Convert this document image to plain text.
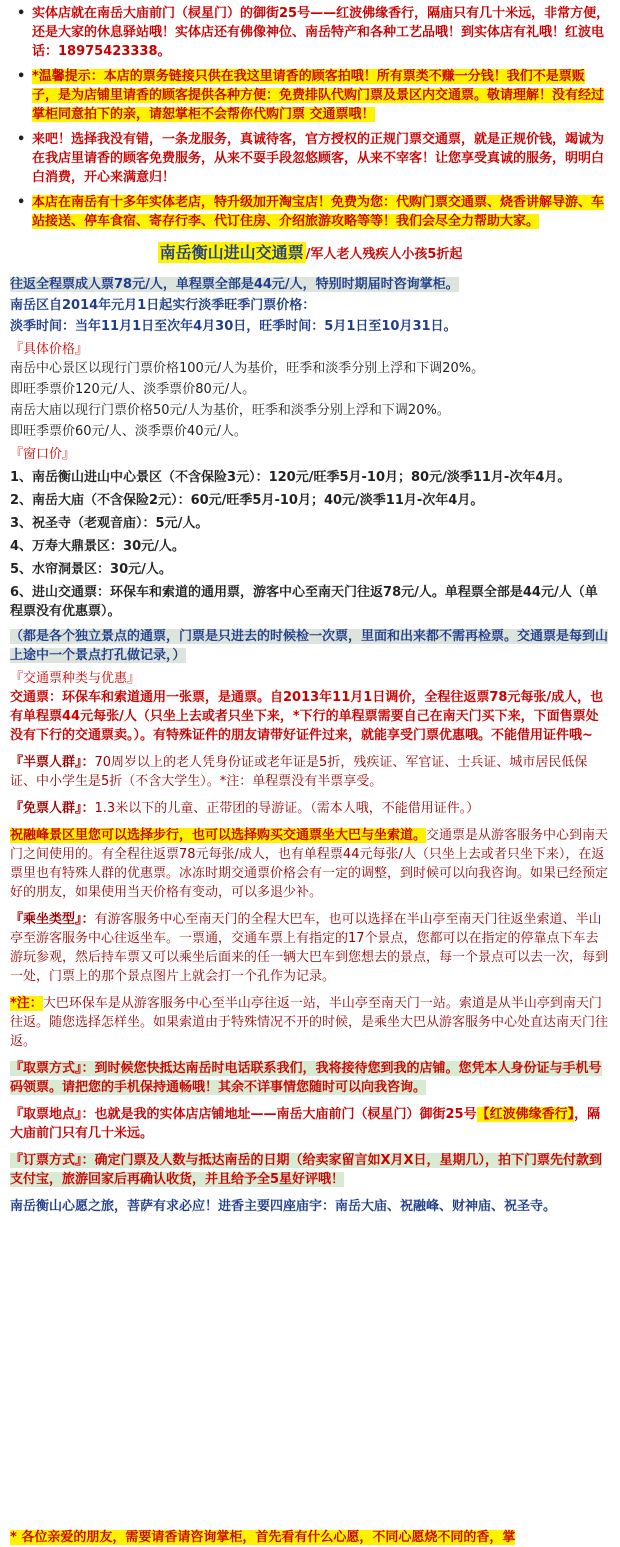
• 实体店就在南岳大庙前门（棂星门）的御街25号——红波佛缘香行，隔庙只有几十米远，非常方便，还是大家的休息驿站哦！实体店还有佛像神位、南岳特产和各种工艺品哦！到实体店有礼哦！红波电话：18975423338。
• *温馨提示：本店的票务链接只供在我这里请香的顾客拍哦！所有票类不赚一分钱！我们不是票贩子，是为店铺里请香的顾客提供各种方便：免费排队代购门票及景区内交通票。敬请理解！没有经过掌柜同意拍下的亲，请恕掌柜不会帮你代购门票 交通票哦！
• 来吧！选择我没有错，一条龙服务，真诚待客，官方授权的正规门票交通票，就是正规价钱，竭诚为在我店里请香的顾客免费服务，从来不耍手段忽悠顾客，从来不宰客！让您享受真诚的服务，明明白白消费，开心来满意归！
• 本店在南岳有十多年实体老店，特升级加开淘宝店！免费为您：代购门票交通票、烧香讲解导游、车站接送、停车食宿、寄存行李、代订住房、介绍旅游攻略等等！我们会尽全力帮助大家。
南岳衡山进山交通票 /军人老人残疾人小孩5折起
往返全程票成人票78元/人，单程票全部是44元/人，特别时期届时咨询掌柜。
南岳区自2014年元月1日起实行淡季旺季门票价格：
淡季时间：当年11月1日至次年4月30日，旺季时间：5月1日至10月31日。
『具体价格』
南岳中心景区以现行门票价格100元/人为基价，旺季和淡季分别上浮和下调20%。
即旺季票价120元/人、淡季票价80元/人。
南岳大庙以现行门票价格50元/人为基价，旺季和淡季分别上浮和下调20%。
即旺季票价60元/人、淡季票价40元/人。
『窗口价』
1、南岳衡山进山中心景区（不含保险3元）：120元/旺季5月-10月；80元/淡季11月-次年4月。
2、南岳大庙（不含保险2元）：60元/旺季5月-10月；40元/淡季11月-次年4月。
3、祝圣寺（老观音庙）：5元/人。
4、万寿大鼎景区：30元/人。
5、水帘洞景区：30元/人。
6、进山交通票：环保车和索道的通用票，游客中心至南天门往返78元/人。单程票全部是44元/人（单程票没有优惠票）。
（都是各个独立景点的通票，门票是只进去的时候检一次票，里面和出来都不需再检票。交通票是每到山上途中一个景点打孔做记录，）
『交通票种类与优惠』
交通票：环保车和索道通用一张票，是通票。自2013年11月1日调价，全程往返票78元每张/成人，也有单程票44元每张/人（只坐上去或者只坐下来，*下行的单程票需要自己在南天门买下来，下面售票处没有下行的交通票卖。）。有特殊证件的朋友请带好证件过来，就能享受门票优惠哦。不能借用证件哦~
『半票人群』：70周岁以上的老人凭身份证或老年证是5折，残疾证、军官证、士兵证、城市居民低保证、中小学生是5折（不含大学生）。*注：单程票没有半票享受。
『免票人群』：1.3米以下的儿童、正带团的导游证。（需本人哦，不能借用证件。）
祝融峰景区里您可以选择步行，也可以选择购买交通票坐大巴与坐索道。交通票是从游客服务中心到南天门之间使用的。有全程往返票78元每张/成人，也有单程票44元每张/人（只坐上去或者只坐下来），在返票里也有特殊人群的优惠票。冰冻时期交通票价格会有一定的调整，到时候可以向我咨询。如果已经预定好的朋友，如果使用当天价格有变动，可以多退少补。
『乘坐类型』：有游客服务中心至南天门的全程大巴车，也可以选择在半山亭至南天门往返坐索道、半山亭至游客服务中心往返坐车。一票通，交通车票上有指定的17个景点，您都可以在指定的停靠点下车去游玩参观，然后持车票又可以乘坐后面来的任一辆大巴车到您想去的景点，每一个景点可以去一次，每到一处，门票上的那个景点图片上就会打一个孔作为记录。
*注：大巴环保车是从游客服务中心至半山亭往返一站，半山亭至南天门一站。索道是从半山亭到南天门往返。随您选择怎样坐。如果索道由于特殊情况不开的时候，是乘坐大巴从游客服务中心处直达南天门往返。
『取票方式』：到时候您快抵达南岳时电话联系我们，我将接待您到我的店铺。您凭本人身份证与手机号码领票。请把您的手机保持通畅哦！其余不详事情您随时可以向我咨询。
『取票地点』：也就是我的实体店店铺地址——南岳大庙前门（棂星门）御街25号【红波佛缘香行】，隔大庙前门只有几十米远。
『订票方式』：确定门票及人数与抵达南岳的日期（给卖家留言如X月X日，星期几），拍下门票先付款到支付宝，旅游回家后再确认收货，并且给予全5星好评哦！
南岳衡山心愿之旅，菩萨有求必应！进香主要四座庙宇：南岳大庙、祝融峰、财神庙、祝圣寺。
* 各位亲爱的朋友，需要请香请咨询掌柜，首先看有什么心愿，不同心愿烧不同的香，掌
